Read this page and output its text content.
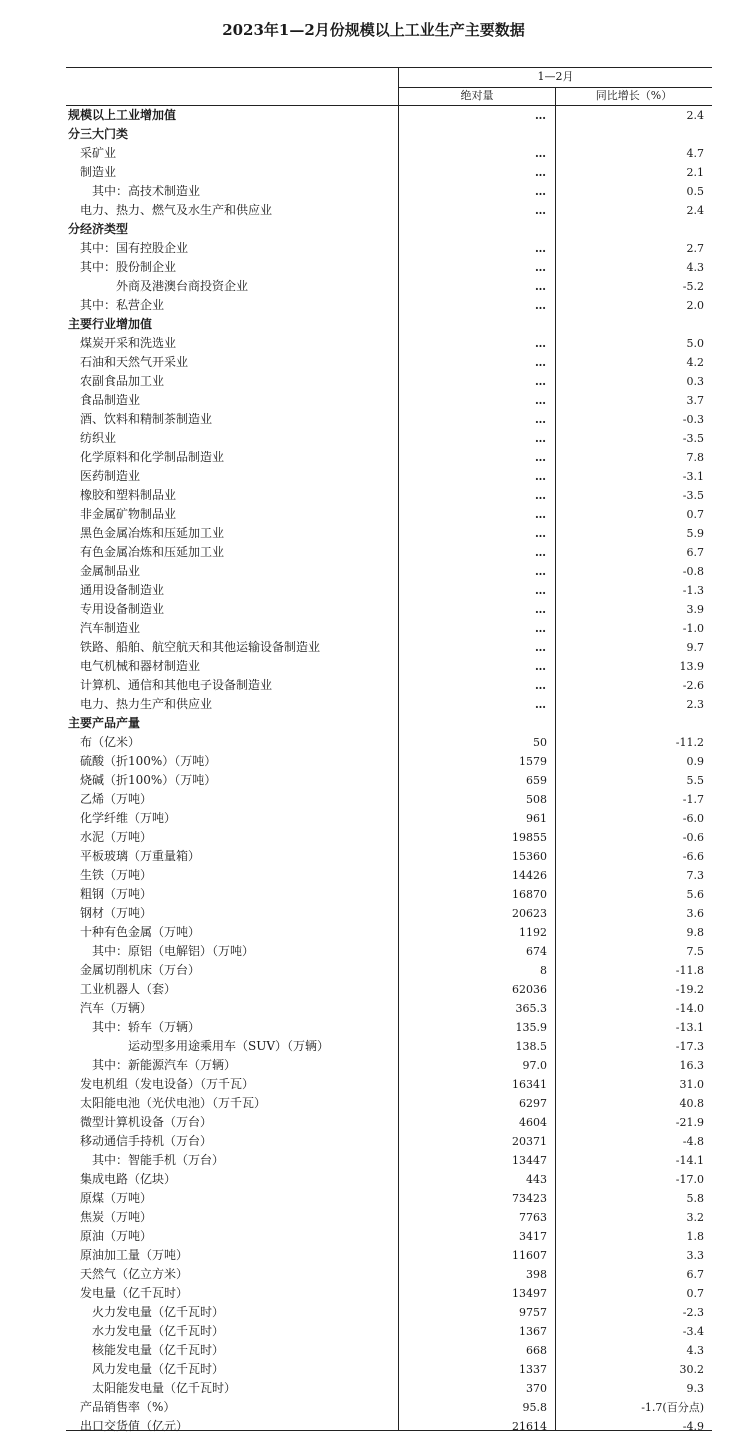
2023年1—2月份规模以上工业生产主要数据
1—2月
绝对量	同比增长（%）
规模以上工业增加值	…	2.4
分三大门类
采矿业	…	4.7
制造业	…	2.1
其中：高技术制造业	…	0.5
电力、热力、燃气及水生产和供应业	…	2.4
分经济类型
其中：国有控股企业	…	2.7
其中：股份制企业	…	4.3
外商及港澳台商投资企业	…	-5.2
其中：私营企业	…	2.0
主要行业增加值
煤炭开采和洗选业	…	5.0
石油和天然气开采业	…	4.2
农副食品加工业	…	0.3
食品制造业	…	3.7
酒、饮料和精制茶制造业	…	-0.3
纺织业	…	-3.5
化学原料和化学制品制造业	…	7.8
医药制造业	…	-3.1
橡胶和塑料制品业	…	-3.5
非金属矿物制品业	…	0.7
黑色金属冶炼和压延加工业	…	5.9
有色金属冶炼和压延加工业	…	6.7
金属制品业	…	-0.8
通用设备制造业	…	-1.3
专用设备制造业	…	3.9
汽车制造业	…	-1.0
铁路、船舶、航空航天和其他运输设备制造业	…	9.7
电气机械和器材制造业	…	13.9
计算机、通信和其他电子设备制造业	…	-2.6
电力、热力生产和供应业	…	2.3
主要产品产量
布（亿米）	50	-11.2
硫酸（折100%）（万吨）	1579	0.9
烧碱（折100%）（万吨）	659	5.5
乙烯（万吨）	508	-1.7
化学纤维（万吨）	961	-6.0
水泥（万吨）	19855	-0.6
平板玻璃（万重量箱）	15360	-6.6
生铁（万吨）	14426	7.3
粗钢（万吨）	16870	5.6
钢材（万吨）	20623	3.6
十种有色金属（万吨）	1192	9.8
其中：原铝（电解铝）（万吨）	674	7.5
金属切削机床（万台）	8	-11.8
工业机器人（套）	62036	-19.2
汽车（万辆）	365.3	-14.0
其中：轿车（万辆）	135.9	-13.1
运动型多用途乘用车（SUV）（万辆）	138.5	-17.3
其中：新能源汽车（万辆）	97.0	16.3
发电机组（发电设备）（万千瓦）	16341	31.0
太阳能电池（光伏电池）（万千瓦）	6297	40.8
微型计算机设备（万台）	4604	-21.9
移动通信手持机（万台）	20371	-4.8
其中：智能手机（万台）	13447	-14.1
集成电路（亿块）	443	-17.0
原煤（万吨）	73423	5.8
焦炭（万吨）	7763	3.2
原油（万吨）	3417	1.8
原油加工量（万吨）	11607	3.3
天然气（亿立方米）	398	6.7
发电量（亿千瓦时）	13497	0.7
火力发电量（亿千瓦时）	9757	-2.3
水力发电量（亿千瓦时）	1367	-3.4
核能发电量（亿千瓦时）	668	4.3
风力发电量（亿千瓦时）	1337	30.2
太阳能发电量（亿千瓦时）	370	9.3
产品销售率（%）	95.8	-1.7(百分点)
出口交货值（亿元）	21614	-4.9
